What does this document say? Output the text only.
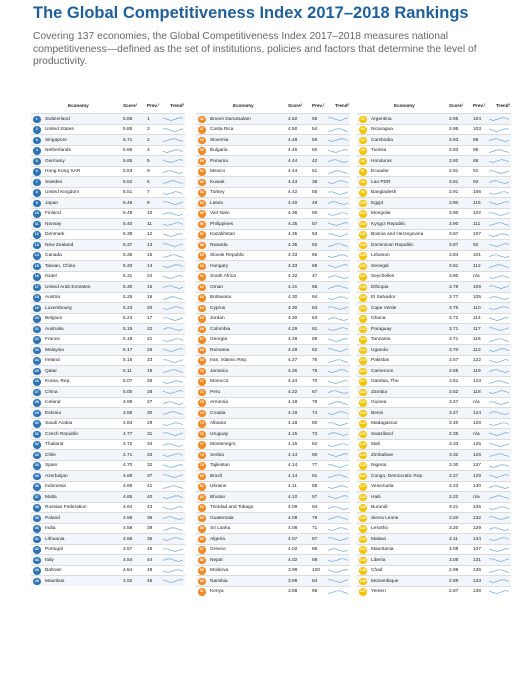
The Global Competitiveness Index 2017–2018 Rankings
Covering 137 economies, the Global Competitiveness Index 2017–2018 measures national competitiveness—defined as the set of institutions, policies and factors that determine the level of productivity.
Economy	Score¹ Prev.² Trend³
1	Switzerland	5.86	1
2	United States	5.85	3
3	Singapore	5.71	2
4	Netherlands	5.66	4
5	Germany	5.65	5
6	Hong Kong SAR	5.53	9
7	Sweden	5.52	6
8	United Kingdom	5.51	7
9	Japan	5.49	8
10	Finland	5.49	10
11	Norway	5.40	11
12	Denmark	5.39	12
13	New Zealand	5.37	13
14	Canada	5.35	15
15	Taiwan, China	5.33	14
16	Israel	5.31	24
17	United Arab Emirates	5.30	16
18	Austria	5.25	19
19	Luxembourg	5.23	20
20	Belgium	5.23	17
21	Australia	5.19	22
22	France	5.18	21
23	Malaysia	5.17	25
24	Ireland	5.16	23
25	Qatar	5.11	18
26	Korea, Rep.	5.07	26
27	China	5.00	28
28	Iceland	4.99	27
29	Estonia	4.85	30
30	Saudi Arabia	4.83	29
31	Czech Republic	4.77	31
32	Thailand	4.72	34
33	Chile	4.71	33
34	Spain	4.70	32
35	Azerbaijan	4.69	37
36	Indonesia	4.68	41
37	Malta	4.65	40
38	Russian Federation	4.64	43
39	Poland	4.59	36
40	India	4.59	39
41	Lithuania	4.58	35
42	Portugal	4.57	46
43	Italy	4.54	44
44	Bahrain	4.54	48
45	Mauritius	4.52	45
Economy	Score¹ Prev.² Trend³
46	Brunei Darussalam	4.52	58
47	Costa Rica	4.50	54
48	Slovenia	4.48	56
49	Bulgaria	4.46	50
50	Panama	4.44	42
51	Mexico	4.44	51
52	Kuwait	4.43	38
53	Turkey	4.42	55
54	Latvia	4.40	49
55	Viet Nam	4.36	60
56	Philippines	4.35	57
57	Kazakhstan	4.35	53
58	Rwanda	4.35	52
59	Slovak Republic	4.33	65
60	Hungary	4.33	69
61	South Africa	4.32	47
62	Oman	4.31	66
63	Botswana	4.30	64
64	Cyprus	4.30	83
65	Jordan	4.30	63
66	Colombia	4.29	61
67	Georgia	4.28	59
68	Romania	4.28	62
69	Iran, Islamic Rep.	4.27	76
70	Jamaica	4.25	75
71	Morocco	4.24	70
72	Peru	4.22	67
73	Armenia	4.19	79
74	Croatia	4.19	74
75	Albania	4.18	80
76	Uruguay	4.15	73
77	Montenegro	4.15	82
78	Serbia	4.14	90
79	Tajikistan	4.14	77
80	Brazil	4.14	81
81	Ukraine	4.11	85
82	Bhutan	4.10	97
83	Trinidad and Tobago	4.09	94
84	Guatemala	4.08	78
85	Sri Lanka	4.08	71
86	Algeria	4.07	87
87	Greece	4.02	86
88	Nepal	4.02	98
89	Moldova	3.99	100
90	Namibia	3.99	84
91	Kenya	3.98	96
Economy	Score¹ Prev.² Trend³
92	Argentina	3.95	104
93	Nicaragua	3.95	103
94	Cambodia	3.93	89
95	Tunisia	3.93	95
96	Honduras	3.92	88
97	Ecuador	3.91	91
98	Lao PDR	3.91	93
99	Bangladesh	3.91	106
100 Egypt	3.90	115
101 Mongolia	3.90	102
102 Kyrgyz Republic	3.90	111
103 Bosnia and Herzegovina	3.87	107
104 Dominican Republic	3.87	92
105 Lebanon	3.84	101
106 Senegal	3.81	112
107 Seychelles	3.80	n/a
108 Ethiopia	3.78	109
109 El Salvador	3.77	105
110 Cape Verde	3.76	110
111 Ghana	3.72	114
112 Paraguay	3.71	117
113 Tanzania	3.71	116
114 Uganda	3.70	113
115 Pakistan	3.67	122
116 Cameroon	3.65	119
117 Gambia, The	3.61	123
118 Zambia	3.52	118
119 Guinea	3.47	n/a
120 Benin	3.47	124
121 Madagascar	3.40	128
122 Swaziland	3.35	n/a
123 Mali	3.33	125
124 Zimbabwe	3.32	126
125 Nigeria	3.30	127
126 Congo, Democratic Rep.	3.27	129
127 Venezuela	3.23	130
128 Haiti	3.22	n/a
129 Burundi	3.21	135
130 Sierra Leone	3.20	132
131 Lesotho	3.20	129
132 Malawi	3.11	134
133 Mauritania	3.09	137
134 Liberia	3.08	131
135 Chad	2.99	136
136 Mozambique	2.89	133
137 Yemen	2.87	138
